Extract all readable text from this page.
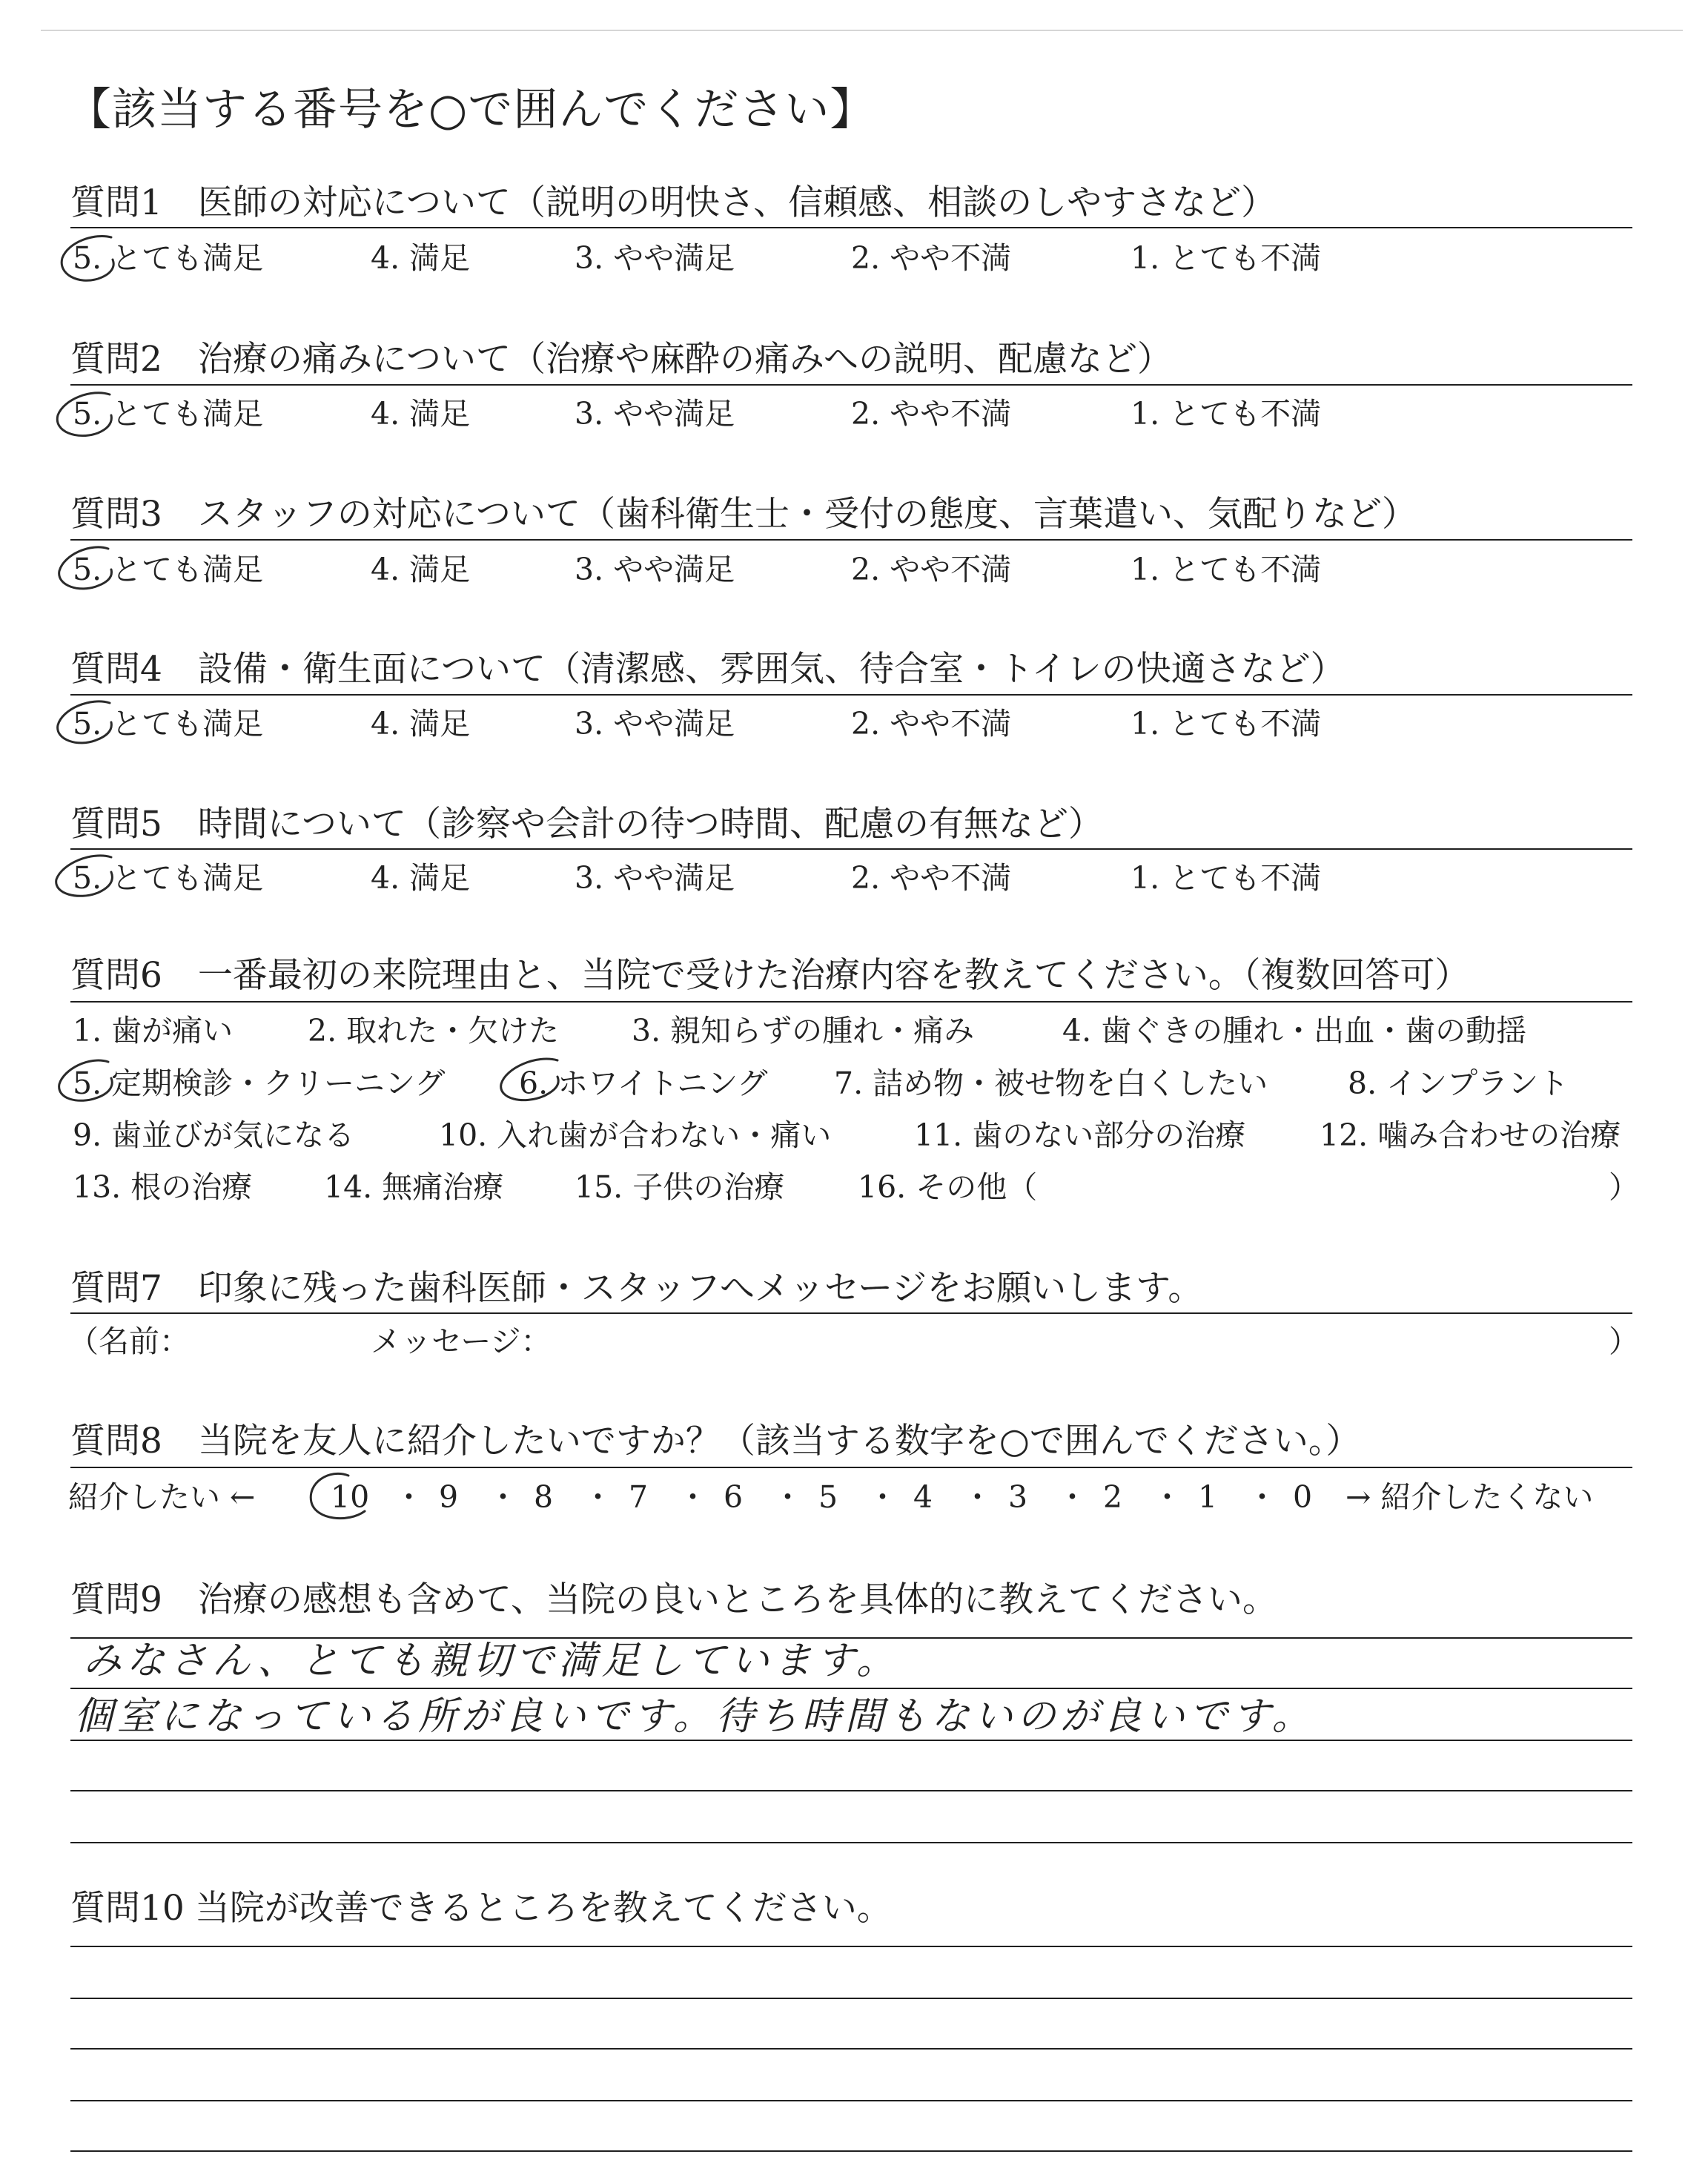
【該当する番号を○で囲んでください】
質問1 医師の対応について（説明の明快さ、信頼感、相談のしやすさなど）
5. とても満足	4. 満足	3. やや満足	2. やや不満	1. とても不満
質問2 治療の痛みについて（治療や麻酔の痛みへの説明、配慮など）
5. とても満足	4. 満足	3. やや満足	2. やや不満	1. とても不満
質問3 スタッフの対応について（歯科衛生士・受付の態度、言葉遣い、気配りなど）
5. とても満足	4. 満足	3. やや満足	2. やや不満	1. とても不満
質問4 設備・衛生面について（清潔感、雰囲気、待合室・トイレの快適さなど）
5. とても満足	4. 満足	3. やや満足	2. やや不満	1. とても不満
質問5 時間について（診察や会計の待つ時間、配慮の有無など）
5. とても満足	4. 満足	3. やや満足	2. やや不満	1. とても不満
質問6 一番最初の来院理由と、当院で受けた治療内容を教えてください。（複数回答可）
1. 歯が痛い 2. 取れた・欠けた 3. 親知らずの腫れ・痛み	4. 歯ぐきの腫れ・出血・歯の動揺
5. 定期検診・クリーニング 6. ホワイトニング 7. 詰め物・被せ物を白くしたい	8. インプラント
9. 歯並びが気になる	10. 入れ歯が合わない・痛い	11. 歯のない部分の治療 12. 噛み合わせの治療
13. 根の治療 14. 無痛治療 15. 子供の治療 16. その他（	）
質問7 印象に残った歯科医師・スタッフへメッセージをお願いします。
（名前：	メッセージ：	）
質問8 当院を友人に紹介したいですか？（該当する数字を○で囲んでください。）
紹介したい ← 10 ・ 9 ・ 8 ・ 7 ・ 6 ・ 5 ・ 4 ・ 3 ・ 2 ・ 1 ・ 0 → 紹介したくない
質問9 治療の感想も含めて、当院の良いところを具体的に教えてください。
みなさん、とても親切で満足しています。
個室になっている所が良いです。待ち時間もないのが良いです。
質問10 当院が改善できるところを教えてください。
